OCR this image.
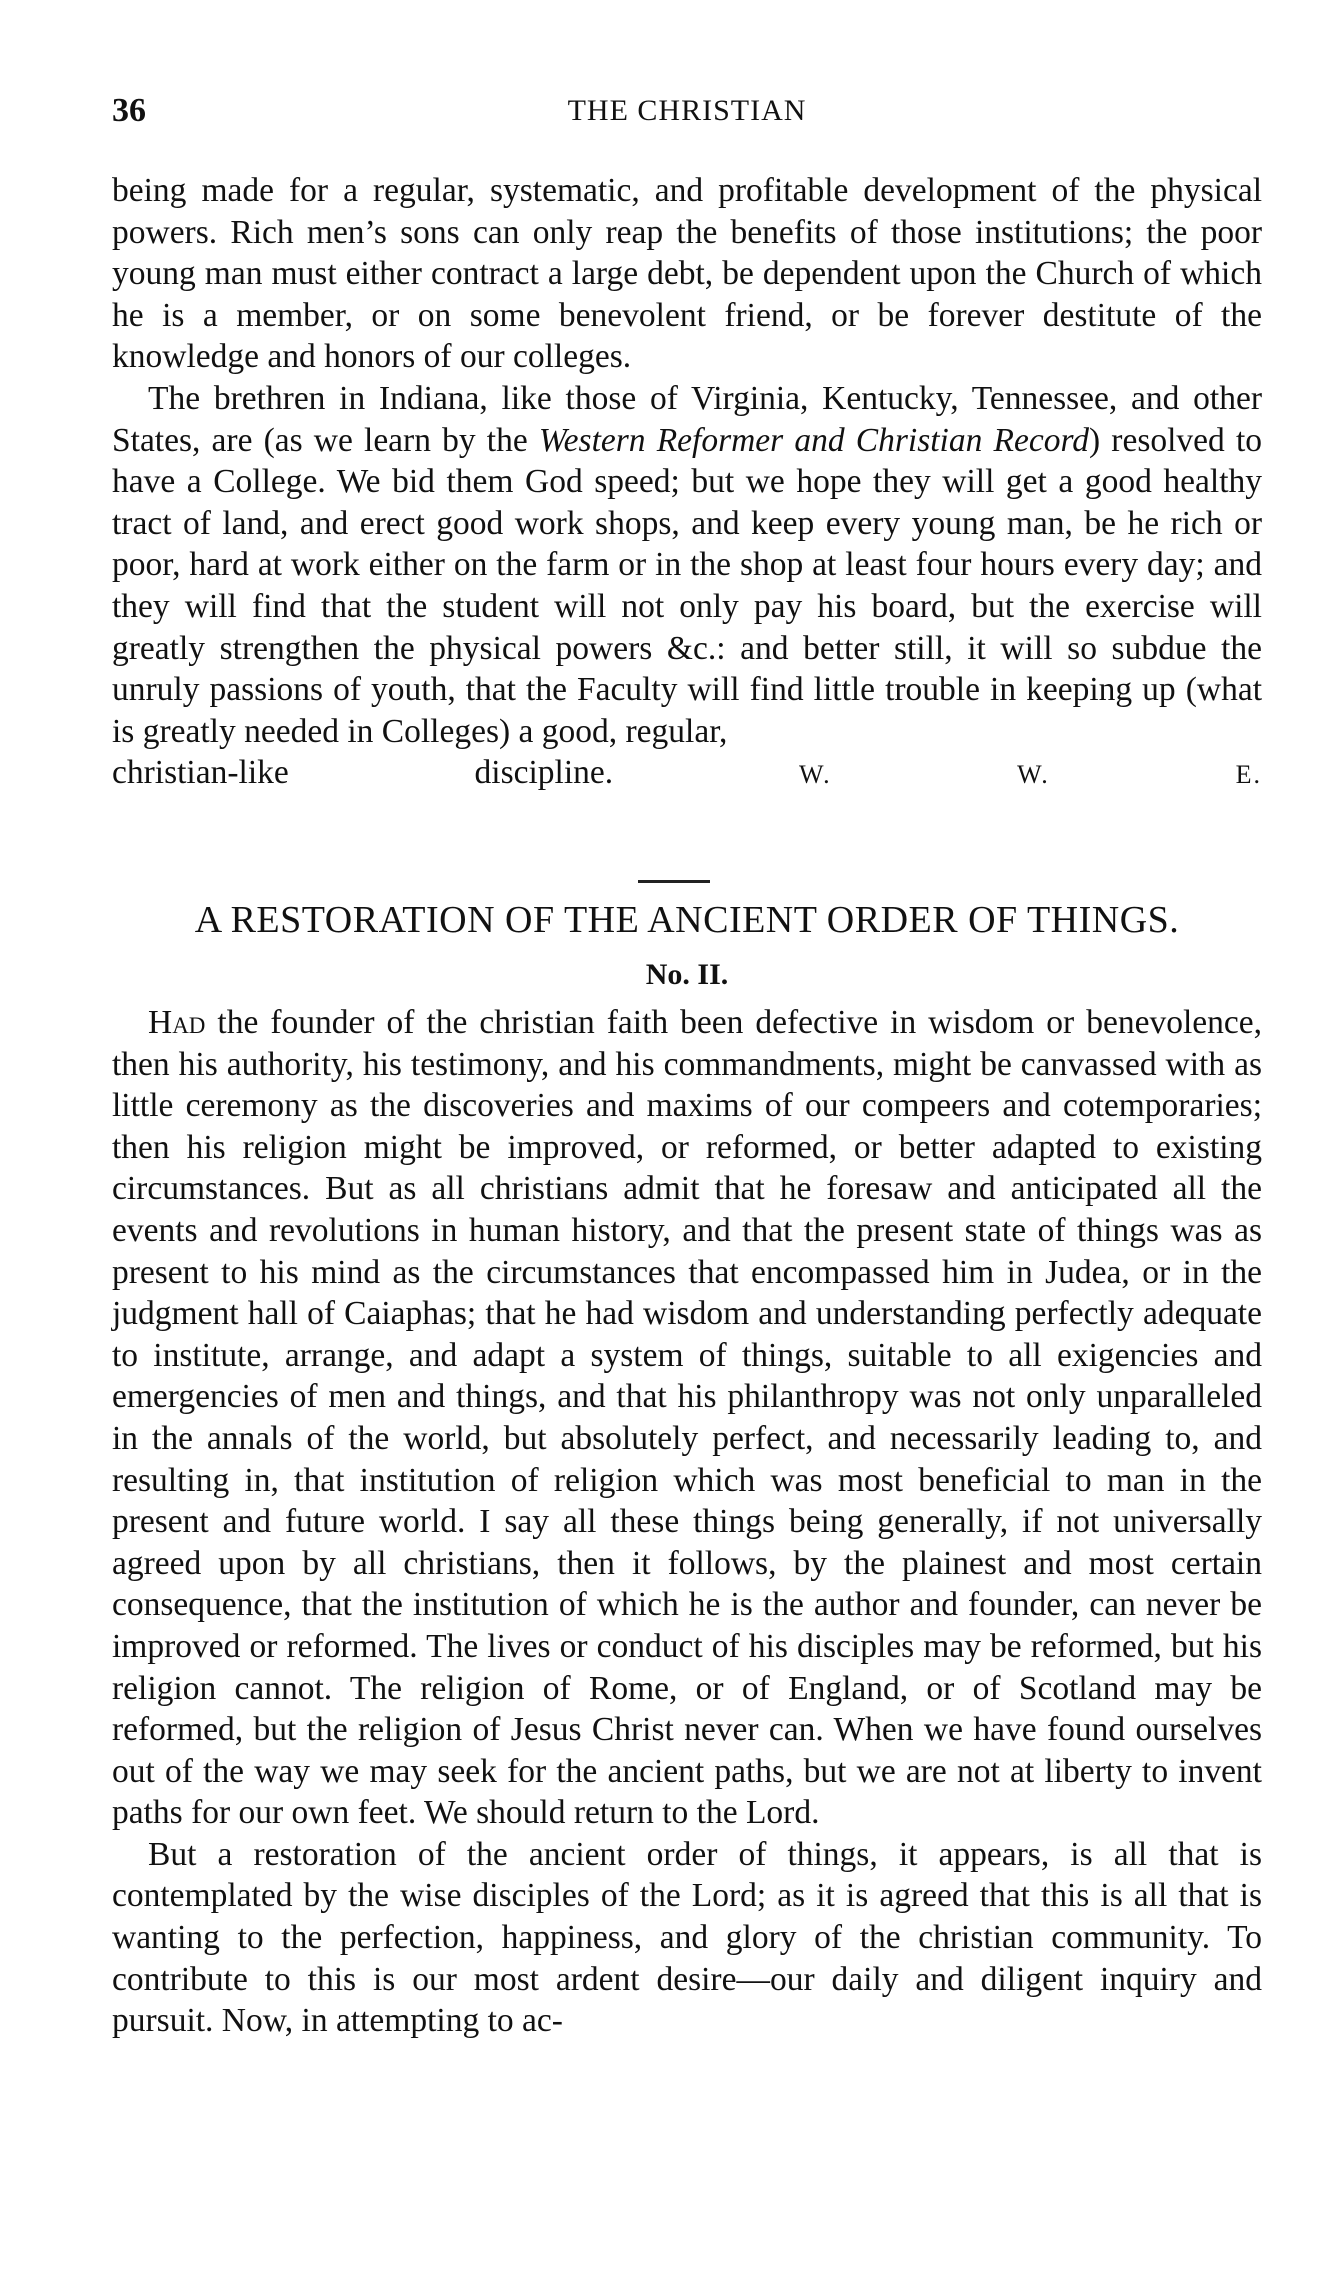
36	THE CHRISTIAN

being made for a regular, systematic, and profitable development of the physical powers. Rich men’s sons can only reap the benefits of those institutions; the poor young man must either contract a large debt, be dependent upon the Church of which he is a member, or on some benevolent friend, or be forever destitute of the knowledge and honors of our colleges.

The brethren in Indiana, like those of Virginia, Kentucky, Tennessee, and other States, are (as we learn by the Western Reformer and Christian Record) resolved to have a College. We bid them God speed; but we hope they will get a good healthy tract of land, and erect good work shops, and keep every young man, be he rich or poor, hard at work either on the farm or in the shop at least four hours every day; and they will find that the student will not only pay his board, but the exercise will greatly strengthen the physical powers &c.: and better still, it will so subdue the unruly passions of youth, that the Faculty will find little trouble in keeping up (what is greatly needed in Colleges) a good, regular,

christian-like discipline.	W. W. E.

A RESTORATION OF THE ANCIENT ORDER OF THINGS.
No. II.

Had the founder of the christian faith been defective in wisdom or benevolence, then his authority, his testimony, and his commandments, might be canvassed with as little ceremony as the discoveries and maxims of our compeers and cotemporaries; then his religion might be improved, or reformed, or better adapted to existing circumstances. But as all christians admit that he foresaw and anticipated all the events and revolutions in human history, and that the present state of things was as present to his mind as the circumstances that encompassed him in Judea, or in the judgment hall of Caiaphas; that he had wisdom and understanding perfectly adequate to institute, arrange, and adapt a system of things, suitable to all exigencies and emergencies of men and things, and that his philanthropy was not only unparalleled in the annals of the world, but absolutely perfect, and necessarily leading to, and resulting in, that institution of religion which was most beneficial to man in the present and future world. I say all these things being generally, if not universally agreed upon by all christians, then it follows, by the plainest and most certain consequence, that the institution of which he is the author and founder, can never be improved or reformed. The lives or conduct of his disciples may be reformed, but his religion cannot. The religion of Rome, or of England, or of Scotland may be reformed, but the religion of Jesus Christ never can. When we have found ourselves out of the way we may seek for the ancient paths, but we are not at liberty to invent paths for our own feet. We should return to the Lord.

But a restoration of the ancient order of things, it appears, is all that is contemplated by the wise disciples of the Lord; as it is agreed that this is all that is wanting to the perfection, happiness, and glory of the christian community. To contribute to this is our most ardent desire—our daily and diligent inquiry and pursuit. Now, in attempting to ac-
